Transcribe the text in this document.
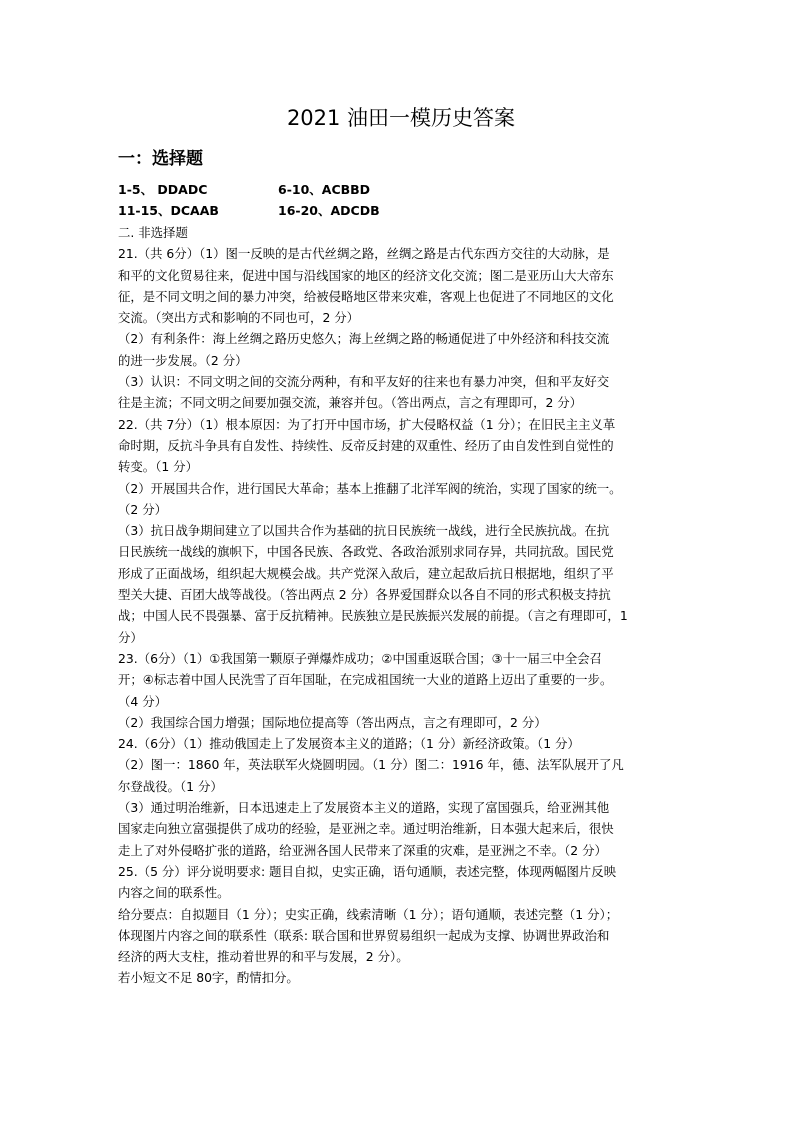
2021 油田一模历史答案
一：选择题
1-5、 DDADC	6-10、ACBBD
11-15、DCAAB	16-20、ADCDB
二. 非选择题
21.（共 6分）（1）图一反映的是古代丝绸之路，丝绸之路是古代东西方交往的大动脉，是
和平的文化贸易往来，促进中国与沿线国家的地区的经济文化交流；图二是亚历山大大帝东
征，是不同文明之间的暴力冲突，给被侵略地区带来灾难，客观上也促进了不同地区的文化
交流。（突出方式和影响的不同也可，2 分）
（2）有利条件：海上丝绸之路历史悠久；海上丝绸之路的畅通促进了中外经济和科技交流
的进一步发展。（2 分）
（3）认识：不同文明之间的交流分两种，有和平友好的往来也有暴力冲突，但和平友好交
往是主流；不同文明之间要加强交流，兼容并包。（答出两点，言之有理即可，2 分）
22.（共 7分）（1）根本原因：为了打开中国市场，扩大侵略权益（1 分）；在旧民主主义革
命时期，反抗斗争具有自发性、持续性、反帝反封建的双重性、经历了由自发性到自觉性的
转变。（1 分）
（2）开展国共合作，进行国民大革命；基本上推翻了北洋军阀的统治，实现了国家的统一。
（2 分）
（3）抗日战争期间建立了以国共合作为基础的抗日民族统一战线，进行全民族抗战。在抗
日民族统一战线的旗帜下，中国各民族、各政党、各政治派别求同存异，共同抗敌。国民党
形成了正面战场，组织起大规模会战。共产党深入敌后，建立起敌后抗日根据地，组织了平
型关大捷、百团大战等战役。（答出两点 2 分）各界爱国群众以各自不同的形式积极支持抗
战；中国人民不畏强暴、富于反抗精神。民族独立是民族振兴发展的前提。（言之有理即可，1
分）
23.（6分）（1）①我国第一颗原子弹爆炸成功；②中国重返联合国；③十一届三中全会召
开；④标志着中国人民洗雪了百年国耻，在完成祖国统一大业的道路上迈出了重要的一步。
（4 分）
（2）我国综合国力增强；国际地位提高等（答出两点，言之有理即可，2 分）
24.（6分）（1）推动俄国走上了发展资本主义的道路；（1 分）新经济政策。（1 分）
（2）图一：1860 年，英法联军火烧圆明园。（1 分）图二：1916 年，德、法军队展开了凡
尔登战役。（1 分）
（3）通过明治维新，日本迅速走上了发展资本主义的道路，实现了富国强兵，给亚洲其他
国家走向独立富强提供了成功的经验，是亚洲之幸。通过明治维新，日本强大起来后，很快
走上了对外侵略扩张的道路，给亚洲各国人民带来了深重的灾难，是亚洲之不幸。（2 分）
25.（5 分）评分说明要求: 题目自拟，史实正确，语句通顺，表述完整，体现两幅图片反映
内容之间的联系性。
给分要点：自拟题目（1 分）；史实正确，线索清晰（1 分）；语句通顺，表述完整（1 分）；
体现图片内容之间的联系性（联系: 联合国和世界贸易组织一起成为支撑、协调世界政治和
经济的两大支柱，推动着世界的和平与发展，2 分）。
若小短文不足 80字，酌情扣分。
